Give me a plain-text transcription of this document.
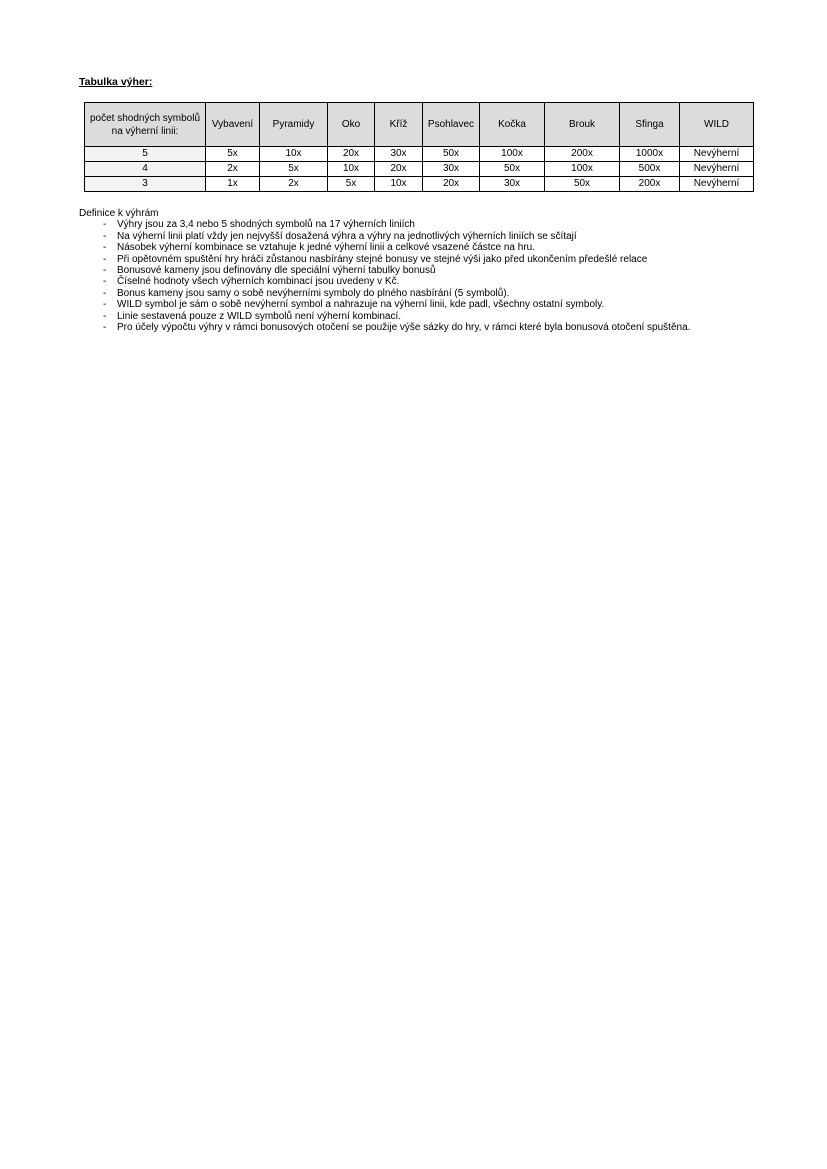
Tabulka výher:
počet shodných symbolů na výherní linii:	Vybavení	Pyramidy	Oko	Kříž	Psohlavec	Kočka	Brouk	Sfinga	WILD
5	5x	10x	20x	30x	50x	100x	200x	1000x	Nevýherní
4	2x	5x	10x	20x	30x	50x	100x	500x	Nevýherní
3	1x	2x	5x	10x	20x	30x	50x	200x	Nevýherní
Definice k výhrám
- Výhry jsou za 3,4 nebo 5 shodných symbolů na 17 výherních liniích
- Na výherní linii platí vždy jen nejvyšší dosažená výhra a výhry na jednotlivých výherních liniích se sčítají
- Násobek výherní kombinace se vztahuje k jedné výherní linii a celkové vsazené částce na hru.
- Při opětovném spuštění hry hráči zůstanou nasbírány stejné bonusy ve stejné výši jako před ukončením předešlé relace
- Bonusové kameny jsou definovány dle speciální výherní tabulky bonusů
- Číselné hodnoty všech výherních kombinací jsou uvedeny v Kč.
- Bonus kameny jsou samy o sobě nevýherními symboly do plného nasbírání (5 symbolů).
- WILD symbol je sám o sobě nevýherní symbol a nahrazuje na výherní linii, kde padl, všechny ostatní symboly.
- Linie sestavená pouze z WILD symbolů není výherní kombinací.
- Pro účely výpočtu výhry v rámci bonusových otočení se použije výše sázky do hry, v rámci které byla bonusová otočení spuštěna.
